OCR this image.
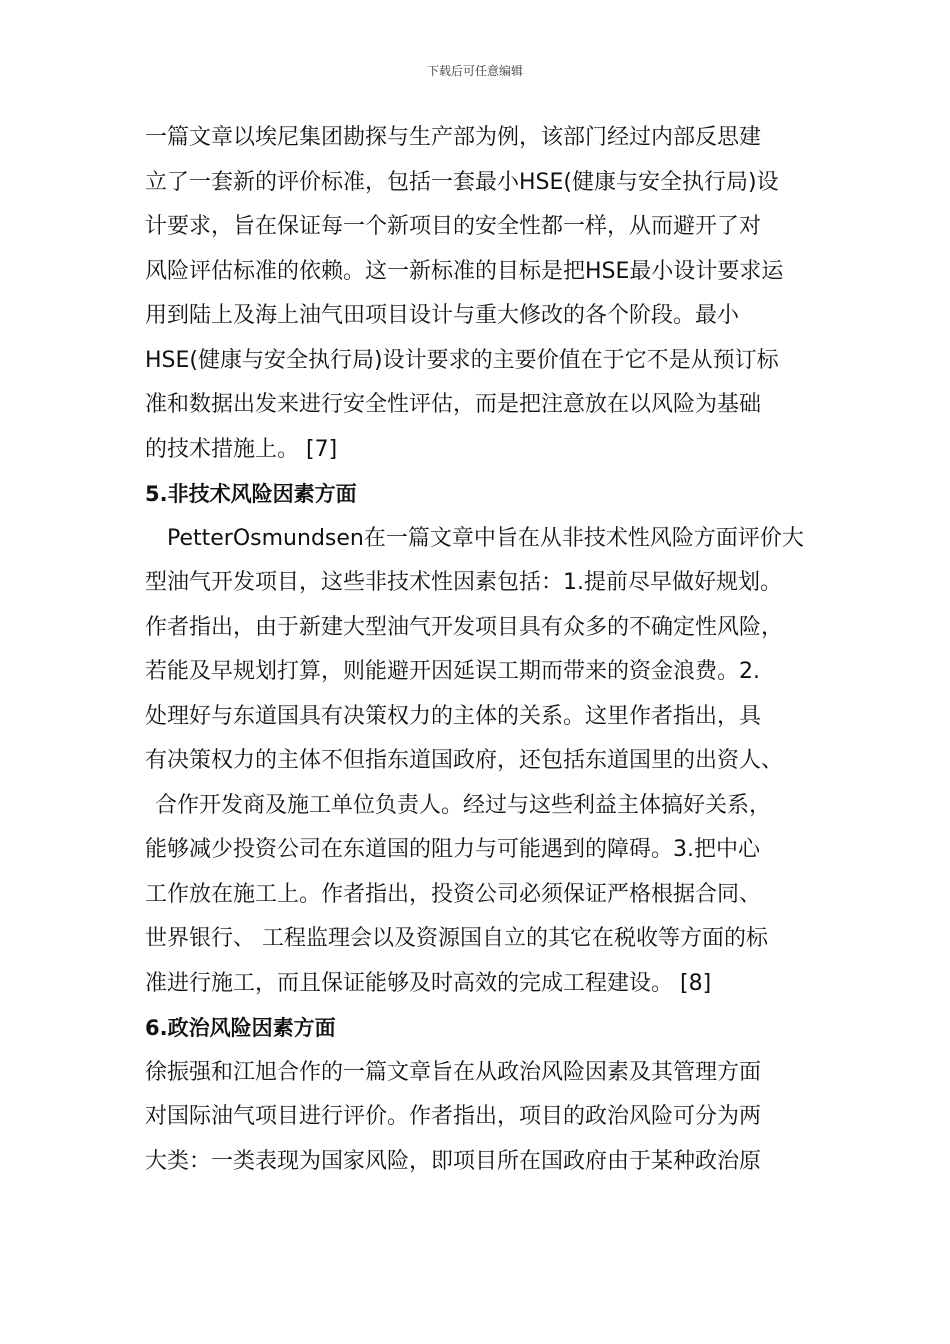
下载后可任意编辑
一篇文章以埃尼集团勘探与生产部为例，该部门经过内部反思建
立了一套新的评价标准，包括一套最小HSE(健康与安全执行局)设
计要求，旨在保证每一个新项目的安全性都一样，从而避开了对
风险评估标准的依赖。这一新标准的目标是把HSE最小设计要求运
用到陆上及海上油气田项目设计与重大修改的各个阶段。最小
HSE(健康与安全执行局)设计要求的主要价值在于它不是从预订标
准和数据出发来进行安全性评估，而是把注意放在以风险为基础
的技术措施上。 [7]
5.非技术风险因素方面
PetterOsmundsen在一篇文章中旨在从非技术性风险方面评价大
型油气开发项目，这些非技术性因素包括：1.提前尽早做好规划。
作者指出，由于新建大型油气开发项目具有众多的不确定性风险，
若能及早规划打算，则能避开因延误工期而带来的资金浪费。2.
处理好与东道国具有决策权力的主体的关系。这里作者指出，具
有决策权力的主体不但指东道国政府，还包括东道国里的出资人、
合作开发商及施工单位负责人。经过与这些利益主体搞好关系，
能够减少投资公司在东道国的阻力与可能遇到的障碍。3.把中心
工作放在施工上。作者指出，投资公司必须保证严格根据合同、
世界银行、 工程监理会以及资源国自立的其它在税收等方面的标
准进行施工，而且保证能够及时高效的完成工程建设。 [8]
6.政治风险因素方面
徐振强和江旭合作的一篇文章旨在从政治风险因素及其管理方面
对国际油气项目进行评价。作者指出，项目的政治风险可分为两
大类：一类表现为国家风险，即项目所在国政府由于某种政治原
